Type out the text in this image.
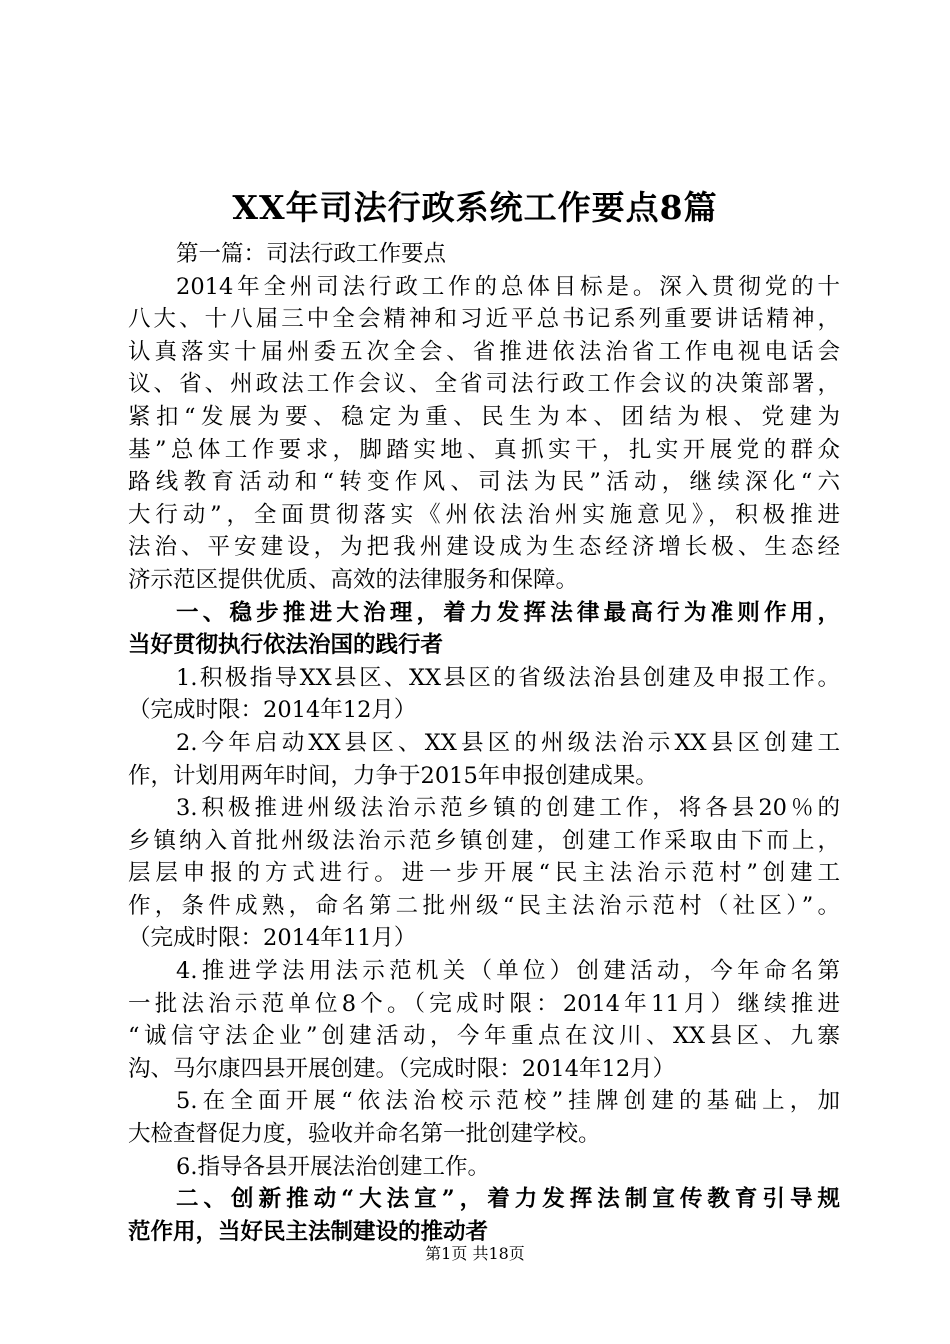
XX年司法行政系统工作要点8篇
第一篇：司法行政工作要点
2014年全州司法行政工作的总体目标是。深入贯彻党的十
八大、十八届三中全会精神和习近平总书记系列重要讲话精神，
认真落实十届州委五次全会、省推进依法治省工作电视电话会
议、省、州政法工作会议、全省司法行政工作会议的决策部署，
紧扣“发展为要、稳定为重、民生为本、团结为根、党建为
基”总体工作要求，脚踏实地、真抓实干，扎实开展党的群众
路线教育活动和“转变作风、司法为民”活动，继续深化“六
大行动”，全面贯彻落实《州依法治州实施意见》，积极推进
法治、平安建设，为把我州建设成为生态经济增长极、生态经
济示范区提供优质、高效的法律服务和保障。
一、稳步推进大治理，着力发挥法律最高行为准则作用，
当好贯彻执行依法治国的践行者
1.积极指导XX县区、XX县区的省级法治县创建及申报工作。
（完成时限：2014年12月）
2.今年启动XX县区、XX县区的州级法治示XX县区创建工
作，计划用两年时间，力争于2015年申报创建成果。
3.积极推进州级法治示范乡镇的创建工作，将各县20％的
乡镇纳入首批州级法治示范乡镇创建，创建工作采取由下而上，
层层申报的方式进行。进一步开展“民主法治示范村”创建工
作，条件成熟，命名第二批州级“民主法治示范村（社区）”。
（完成时限：2014年11月）
4.推进学法用法示范机关（单位）创建活动，今年命名第
一批法治示范单位8个。（完成时限：2014年11月）继续推进
“诚信守法企业”创建活动，今年重点在汶川、XX县区、九寨
沟、马尔康四县开展创建。（完成时限：2014年12月）
5.在全面开展“依法治校示范校”挂牌创建的基础上，加
大检查督促力度，验收并命名第一批创建学校。
6.指导各县开展法治创建工作。
二、创新推动“大法宣”，着力发挥法制宣传教育引导规
范作用，当好民主法制建设的推动者
第1页 共18页
